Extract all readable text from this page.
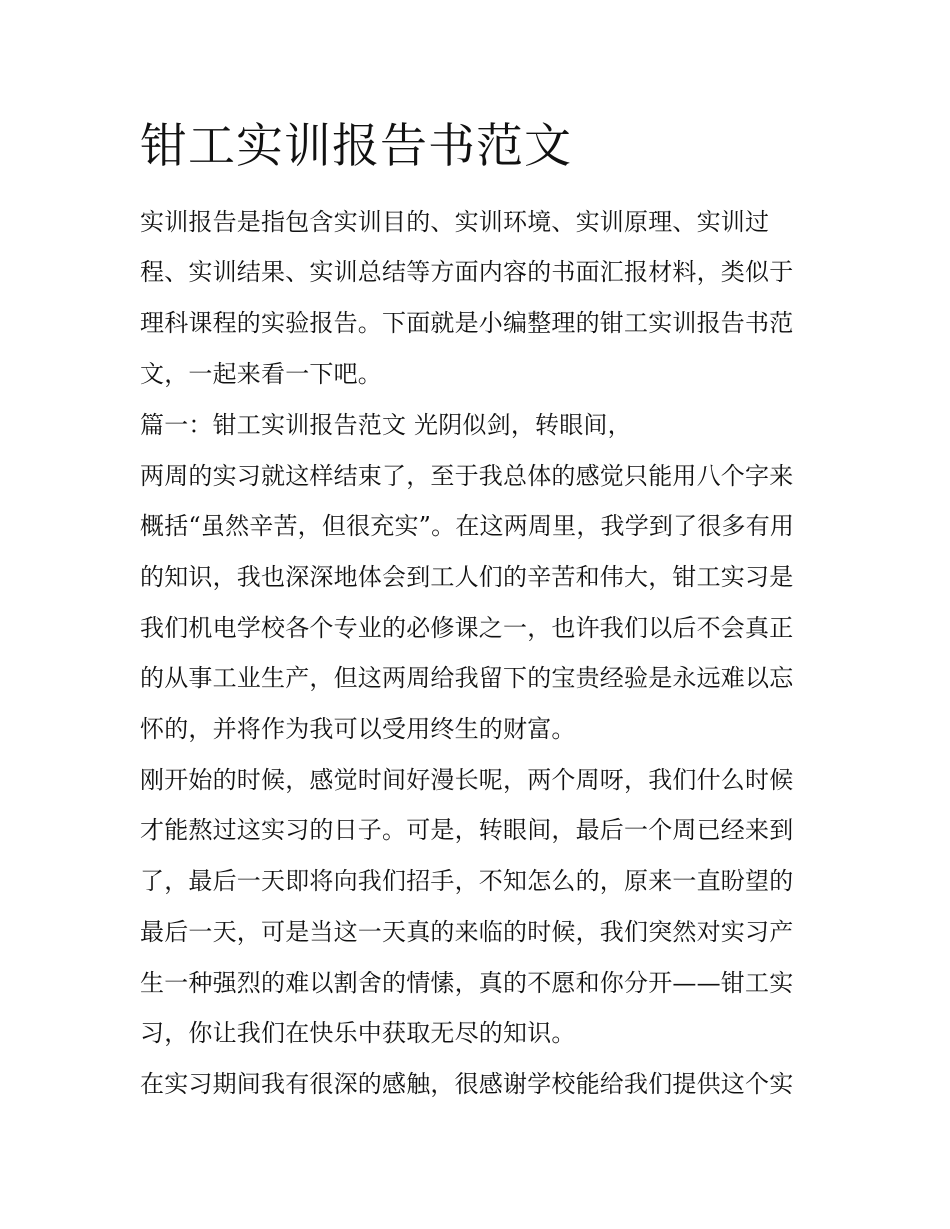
钳工实训报告书范文

实训报告是指包含实训目的、实训环境、实训原理、实训过

程、实训结果、实训总结等方面内容的书面汇报材料，类似于

理科课程的实验报告。下面就是小编整理的钳工实训报告书范

文，一起来看一下吧。

篇一：钳工实训报告范文 光阴似剑，转眼间，

两周的实习就这样结束了，至于我总体的感觉只能用八个字来

概括“虽然辛苦，但很充实”。在这两周里，我学到了很多有用

的知识，我也深深地体会到工人们的辛苦和伟大，钳工实习是

我们机电学校各个专业的必修课之一，也许我们以后不会真正

的从事工业生产，但这两周给我留下的宝贵经验是永远难以忘

怀的，并将作为我可以受用终生的财富。

刚开始的时候，感觉时间好漫长呢，两个周呀，我们什么时候

才能熬过这实习的日子。可是，转眼间，最后一个周已经来到

了，最后一天即将向我们招手，不知怎么的，原来一直盼望的

最后一天，可是当这一天真的来临的时候，我们突然对实习产

生一种强烈的难以割舍的情愫，真的不愿和你分开——钳工实

习，你让我们在快乐中获取无尽的知识。

在实习期间我有很深的感触，很感谢学校能给我们提供这个实
